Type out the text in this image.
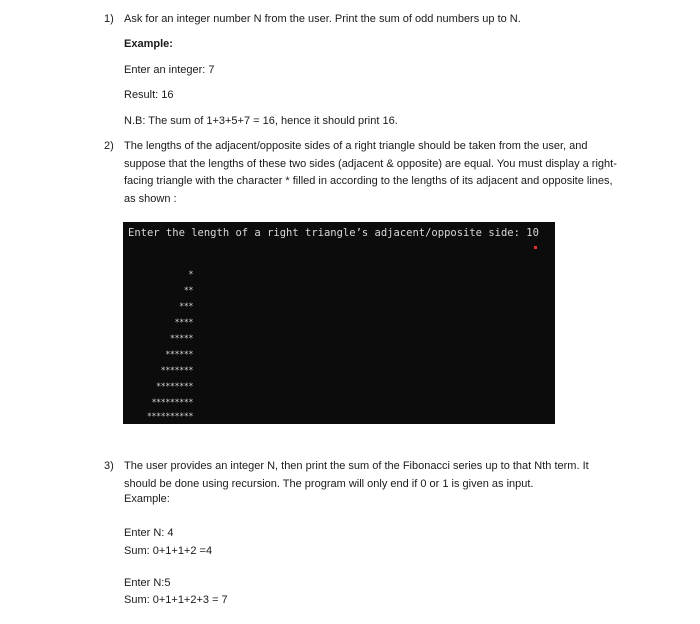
1) Ask for an integer number N from the user. Print the sum of odd numbers up to N.
Example:
Enter an integer: 7
Result: 16
N.B: The sum of 1+3+5+7 = 16, hence it should print 16.
2) The lengths of the adjacent/opposite sides of a right triangle should be taken from the user, and suppose that the lengths of these two sides (adjacent & opposite) are equal. You must display a right-facing triangle with the character * filled in according to the lengths of its adjacent and opposite lines, as shown :
Enter the length of a right triangle’s adjacent/opposite side: 10
*
**
***
****
*****
******
*******
********
*********
**********
3) The user provides an integer N, then print the sum of the Fibonacci series up to that Nth term. It should be done using recursion. The program will only end if 0 or 1 is given as input.
Example:
Enter N: 4
Sum: 0+1+1+2 =4
Enter N:5
Sum: 0+1+1+2+3 = 7
